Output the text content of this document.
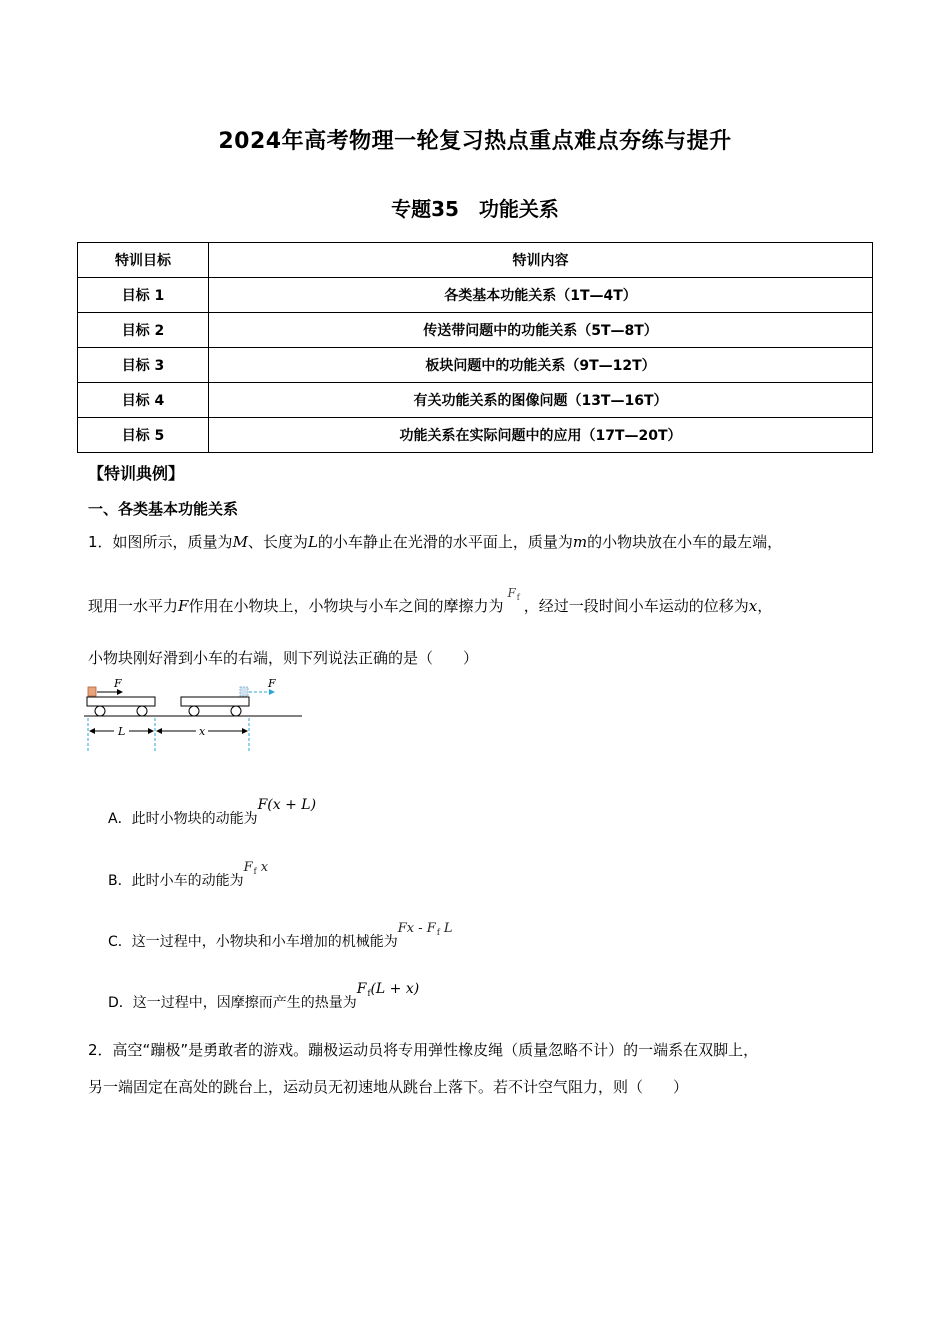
2024年高考物理一轮复习热点重点难点夯练与提升
专题35　功能关系
特训目标	特训内容
目标 1	各类基本功能关系（1T—4T）
目标 2	传送带问题中的功能关系（5T—8T）
目标 3	板块问题中的功能关系（9T—12T）
目标 4	有关功能关系的图像问题（13T—16T）
目标 5	功能关系在实际问题中的应用（17T—20T）
【特训典例】
一、各类基本功能关系
1．如图所示，质量为M、长度为L的小车静止在光滑的水平面上，质量为m的小物块放在小车的最左端，
现用一水平力F作用在小物块上，小物块与小车之间的摩擦力为$^{F_f}$ ，经过一段时间小车运动的位移为x，
小物块刚好滑到小车的右端，则下列说法正确的是（　　）
F	F
L	x
A．此时小物块的动能为F(x + L)
B．此时小车的动能为$F_f$ x
C．这一过程中，小物块和小车增加的机械能为Fx - $F_f$ L
D．这一过程中，因摩擦而产生的热量为$F_f(L + x)$
2．高空“蹦极”是勇敢者的游戏。蹦极运动员将专用弹性橡皮绳（质量忽略不计）的一端系在双脚上，
另一端固定在高处的跳台上，运动员无初速地从跳台上落下。若不计空气阻力，则（　　）
